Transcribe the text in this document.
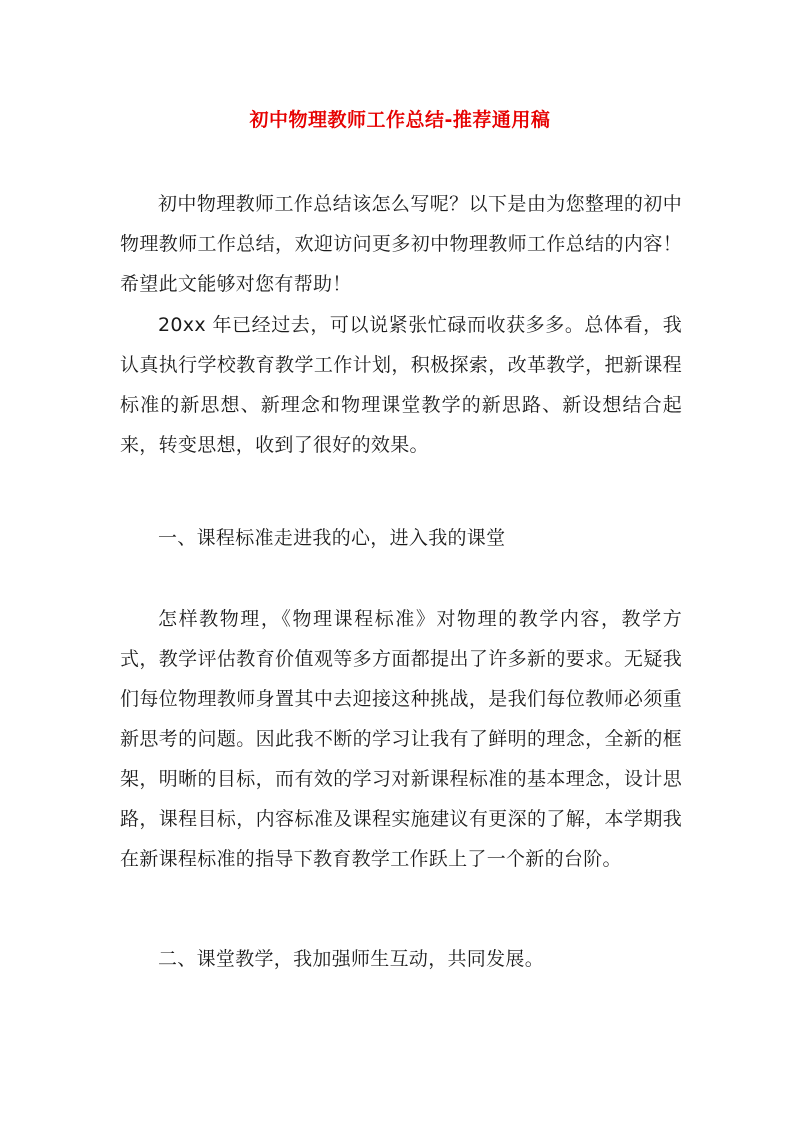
初中物理教师工作总结-推荐通用稿
初中物理教师工作总结该怎么写呢？以下是由为您整理的初中物理教师工作总结，欢迎访问更多初中物理教师工作总结的内容！希望此文能够对您有帮助！
20xx 年已经过去，可以说紧张忙碌而收获多多。总体看，我认真执行学校教育教学工作计划，积极探索，改革教学，把新课程标准的新思想、新理念和物理课堂教学的新思路、新设想结合起来，转变思想，收到了很好的效果。
一、课程标准走进我的心，进入我的课堂
怎样教物理，《物理课程标准》对物理的教学内容，教学方式，教学评估教育价值观等多方面都提出了许多新的要求。无疑我们每位物理教师身置其中去迎接这种挑战，是我们每位教师必须重新思考的问题。因此我不断的学习让我有了鲜明的理念，全新的框架，明晰的目标，而有效的学习对新课程标准的基本理念，设计思路，课程目标，内容标准及课程实施建议有更深的了解，本学期我在新课程标准的指导下教育教学工作跃上了一个新的台阶。
二、课堂教学，我加强师生互动，共同发展。
